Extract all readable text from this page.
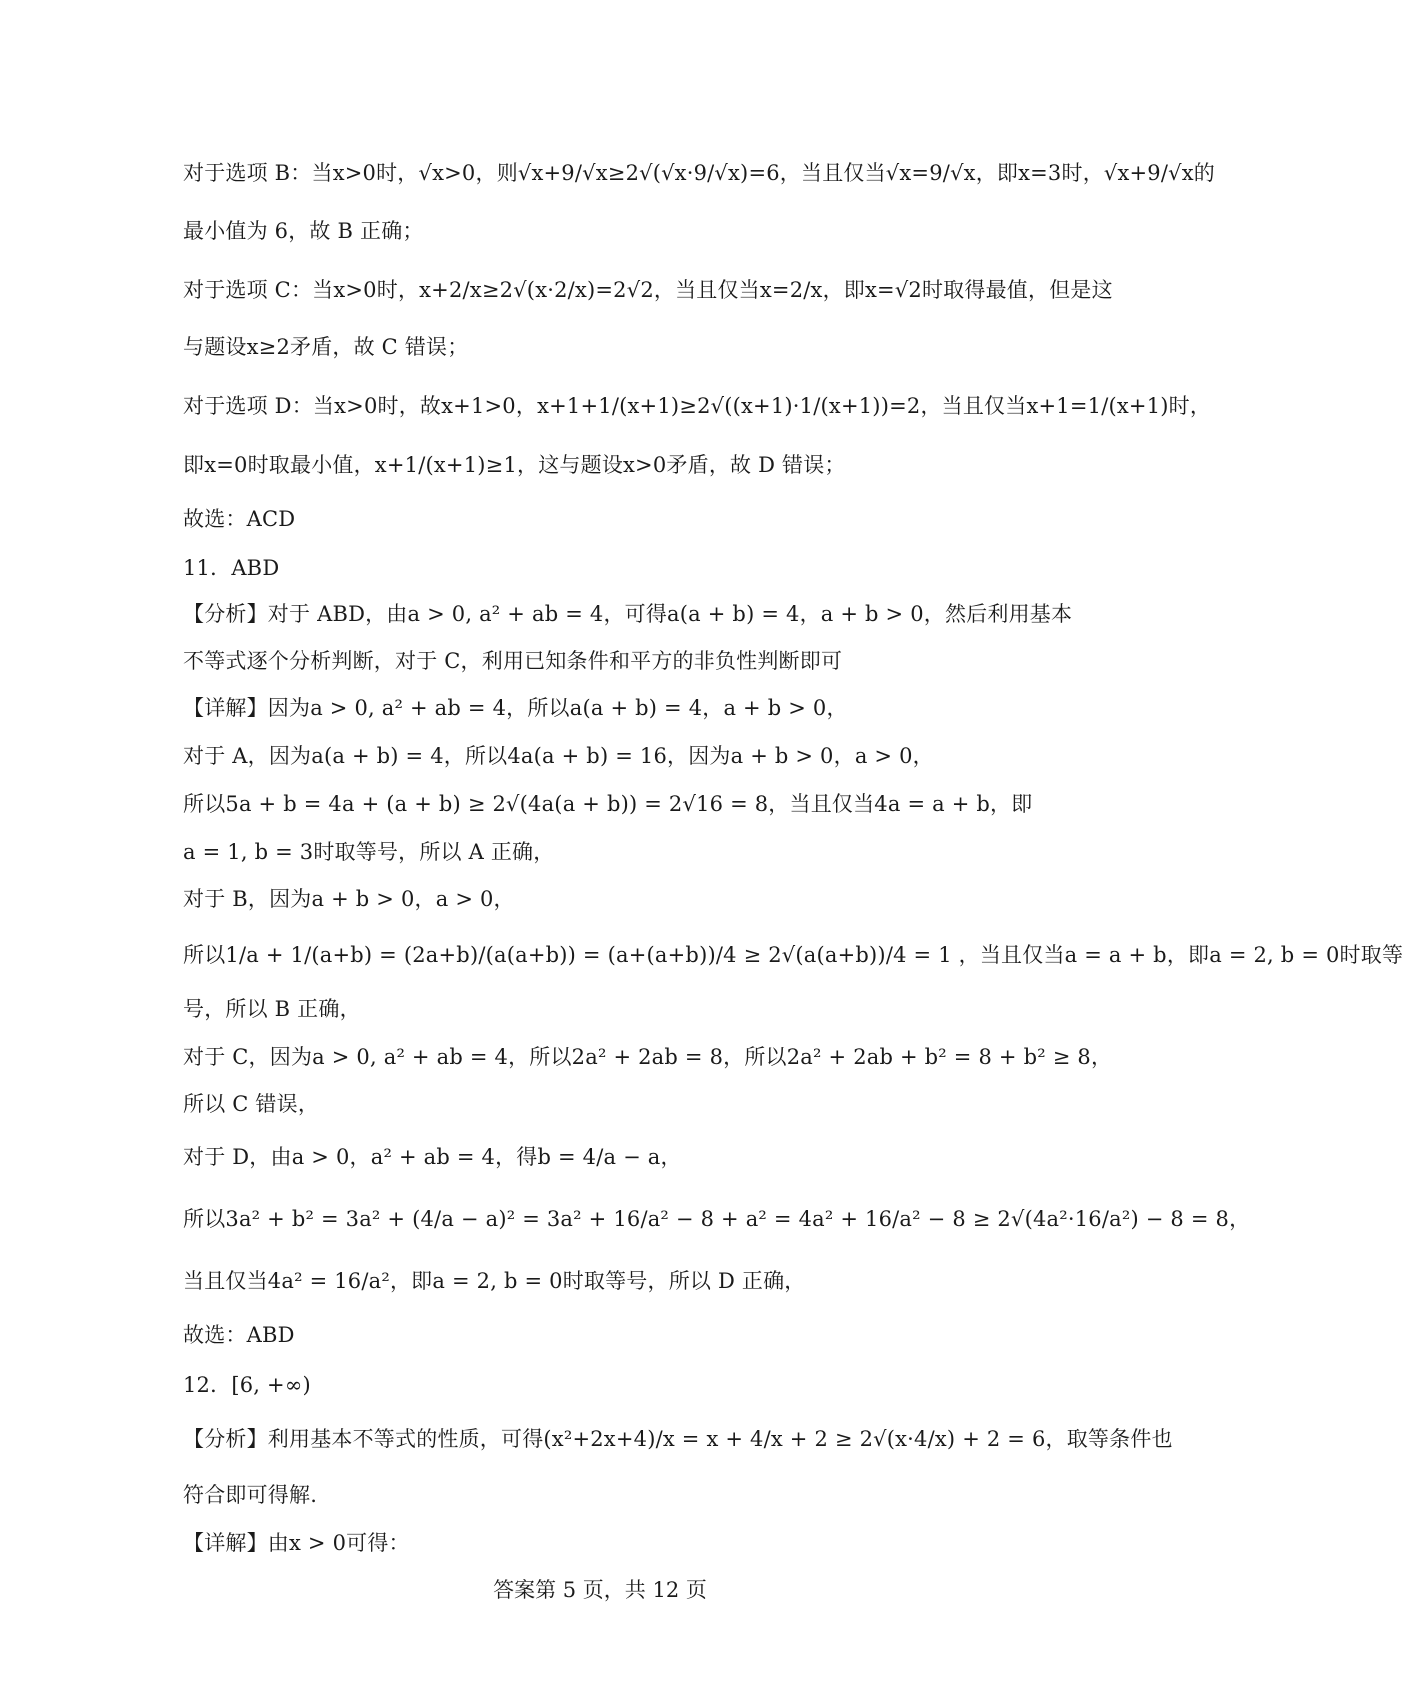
对于选项 B：当x>0时，√x>0，则√x+9/√x≥2√(√x·9/√x)=6，当且仅当√x=9/√x，即x=3时，√x+9/√x的
最小值为 6，故 B 正确；
对于选项 C：当x>0时，x+2/x≥2√(x·2/x)=2√2，当且仅当x=2/x，即x=√2时取得最值，但是这
与题设x≥2矛盾，故 C 错误；
对于选项 D：当x>0时，故x+1>0，x+1+1/(x+1)≥2√((x+1)·1/(x+1))=2，当且仅当x+1=1/(x+1)时，
即x=0时取最小值，x+1/(x+1)≥1，这与题设x>0矛盾，故 D 错误；
故选：ACD
11．ABD
【分析】对于 ABD，由a > 0, a² + ab = 4，可得a(a + b) = 4，a + b > 0，然后利用基本
不等式逐个分析判断，对于 C，利用已知条件和平方的非负性判断即可
【详解】因为a > 0, a² + ab = 4，所以a(a + b) = 4，a + b > 0，
对于 A，因为a(a + b) = 4，所以4a(a + b) = 16，因为a + b > 0，a > 0，
所以5a + b = 4a + (a + b) ≥ 2√(4a(a + b)) = 2√16 = 8，当且仅当4a = a + b，即
a = 1, b = 3时取等号，所以 A 正确，
对于 B，因为a + b > 0，a > 0，
所以1/a + 1/(a+b) = (2a+b)/(a(a+b)) = (a+(a+b))/4 ≥ 2√(a(a+b))/4 = 1 ，当且仅当a = a + b，即a = 2, b = 0时取等
号，所以 B 正确，
对于 C，因为a > 0, a² + ab = 4，所以2a² + 2ab = 8，所以2a² + 2ab + b² = 8 + b² ≥ 8，
所以 C 错误，
对于 D，由a > 0，a² + ab = 4，得b = 4/a − a，
所以3a² + b² = 3a² + (4/a − a)² = 3a² + 16/a² − 8 + a² = 4a² + 16/a² − 8 ≥ 2√(4a²·16/a²) − 8 = 8，
当且仅当4a² = 16/a²，即a = 2, b = 0时取等号，所以 D 正确，
故选：ABD
12．[6, +∞)
【分析】利用基本不等式的性质，可得(x²+2x+4)/x = x + 4/x + 2 ≥ 2√(x·4/x) + 2 = 6，取等条件也
符合即可得解.
【详解】由x > 0可得：
答案第 5 页，共 12 页
